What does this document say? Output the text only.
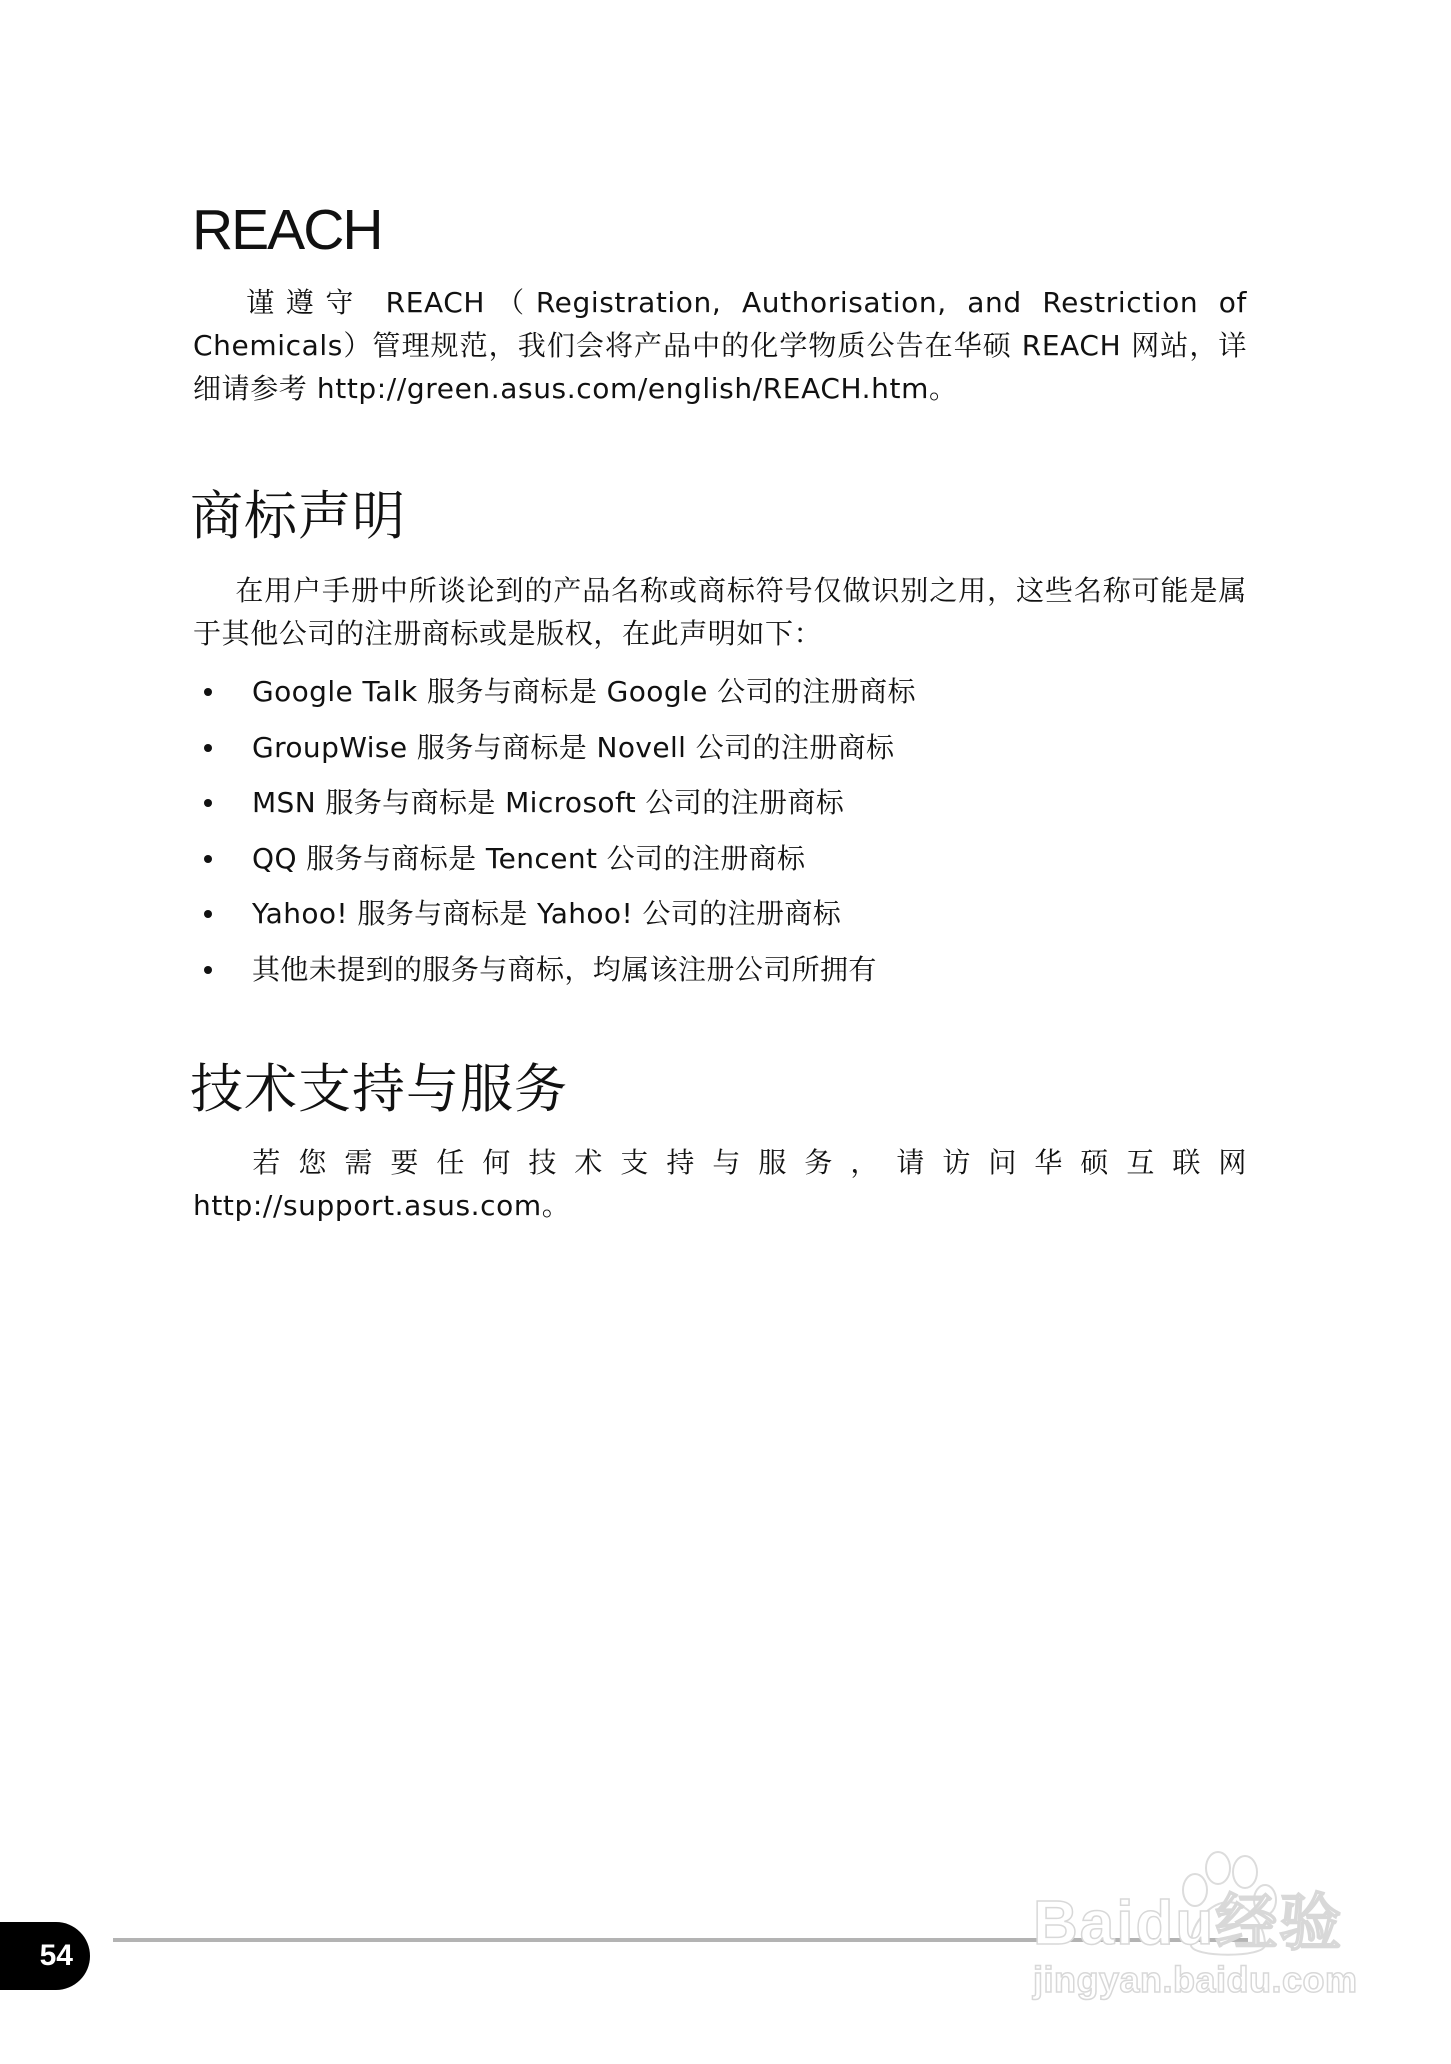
REACH

谨遵守 REACH（Registration, Authorisation, and Restriction of Chemicals）管理规范，我们会将产品中的化学物质公告在华硕 REACH 网站，详细请参考 http://green.asus.com/english/REACH.htm。

商标声明

在用户手册中所谈论到的产品名称或商标符号仅做识别之用，这些名称可能是属于其他公司的注册商标或是版权，在此声明如下：

Google Talk 服务与商标是 Google 公司的注册商标
GroupWise 服务与商标是 Novell 公司的注册商标
MSN 服务与商标是 Microsoft 公司的注册商标
QQ 服务与商标是 Tencent 公司的注册商标
Yahoo! 服务与商标是 Yahoo! 公司的注册商标
其他未提到的服务与商标，均属该注册公司所拥有
技术支持与服务

若您需要任何技术支持与服务，请访问华硕互联网 http://support.asus.com。

54	Baidu经验
jingyan.baidu.com
